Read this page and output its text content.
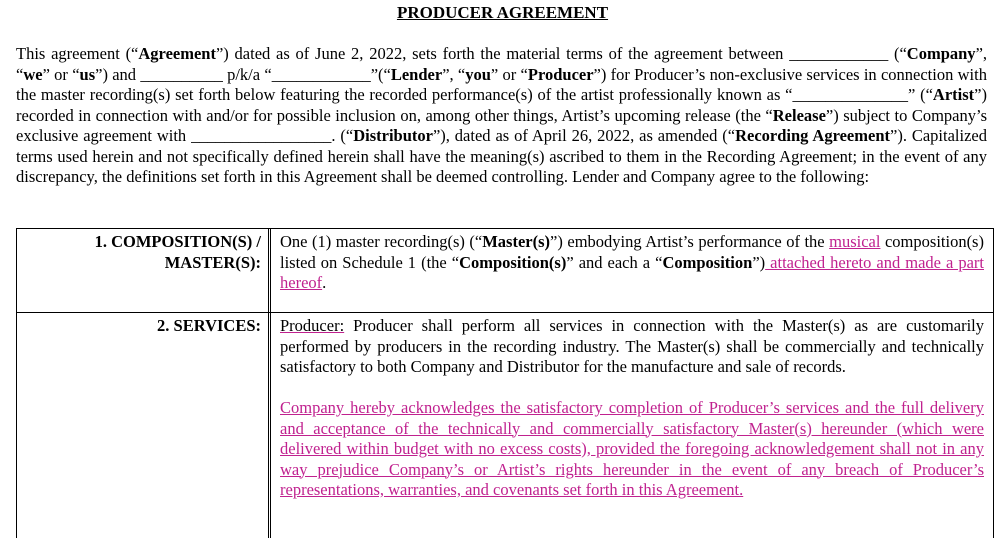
PRODUCER AGREEMENT
This agreement (“Agreement”) dated as of June 2, 2022, sets forth the material terms of the agreement between ____________ (“Company”, “we” or “us”) and __________ p/k/a “____________”(“Lender”, “you” or “Producer”) for Producer’s non-exclusive services in connection with the master recording(s) set forth below featuring the recorded performance(s) of the artist professionally known as “______________” (“Artist”) recorded in connection with and/or for possible inclusion on, among other things, Artist’s upcoming release (the “Release”) subject to Company’s exclusive agreement with _________________. (“Distributor”), dated as of April 26, 2022, as amended (“Recording Agreement”). Capitalized terms used herein and not specifically defined herein shall have the meaning(s) ascribed to them in the Recording Agreement; in the event of any discrepancy, the definitions set forth in this Agreement shall be deemed controlling. Lender and Company agree to the following:
1. COMPOSITION(S) / MASTER(S):
One (1) master recording(s) (“Master(s)”) embodying Artist’s performance of the musical composition(s) listed on Schedule 1 (the “Composition(s)” and each a “Composition”) attached hereto and made a part hereof.
2. SERVICES: Producer: Producer shall perform all services in connection with the Master(s) as are customarily performed by producers in the recording industry. The Master(s) shall be commercially and technically satisfactory to both Company and Distributor for the manufacture and sale of records.
Company hereby acknowledges the satisfactory completion of Producer’s services and the full delivery and acceptance of the technically and commercially satisfactory Master(s) hereunder (which were delivered within budget with no excess costs), provided the foregoing acknowledgement shall not in any way prejudice Company’s or Artist’s rights hereunder in the event of any breach of Producer’s representations, warranties, and covenants set forth in this Agreement.
